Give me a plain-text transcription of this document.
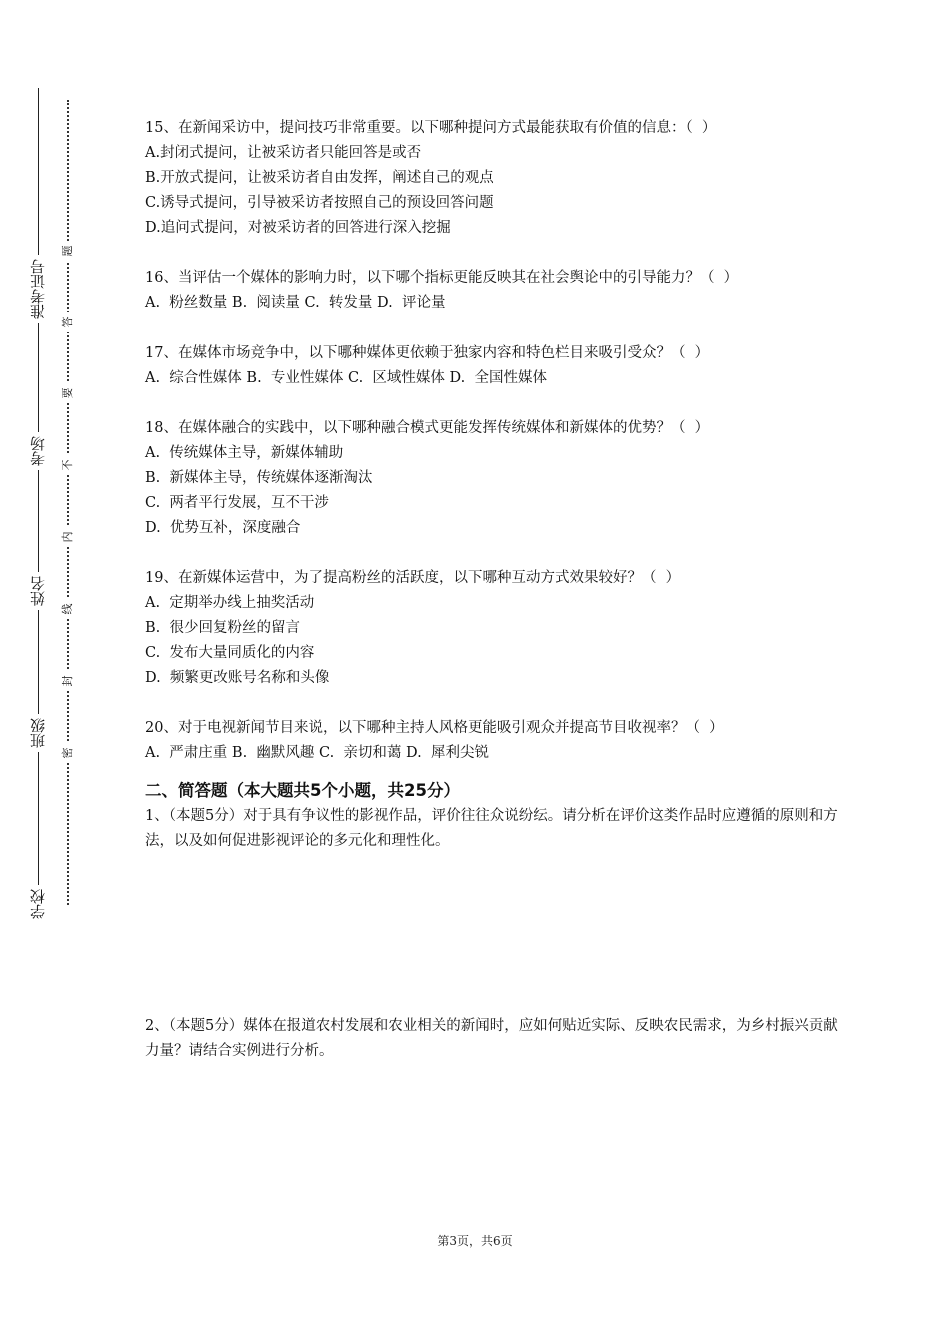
准考证号
考场
姓名
班级
学校
题
答
要
不
内
线
封
密

15、在新闻采访中，提问技巧非常重要。以下哪种提问方式最能获取有价值的信息：（  ）

A.封闭式提问，让被采访者只能回答是或否

B.开放式提问，让被采访者自由发挥，阐述自己的观点

C.诱导式提问，引导被采访者按照自己的预设回答问题

D.追问式提问，对被采访者的回答进行深入挖掘

16、当评估一个媒体的影响力时，以下哪个指标更能反映其在社会舆论中的引导能力？（  ）

A.  粉丝数量 B.  阅读量 C.  转发量 D.  评论量

17、在媒体市场竞争中，以下哪种媒体更依赖于独家内容和特色栏目来吸引受众？（  ）

A.  综合性媒体 B.  专业性媒体 C.  区域性媒体 D.  全国性媒体

18、在媒体融合的实践中，以下哪种融合模式更能发挥传统媒体和新媒体的优势？（  ）

A.  传统媒体主导，新媒体辅助

B.  新媒体主导，传统媒体逐渐淘汰

C.  两者平行发展，互不干涉

D.  优势互补，深度融合

19、在新媒体运营中，为了提高粉丝的活跃度，以下哪种互动方式效果较好？（  ）

A.  定期举办线上抽奖活动

B.  很少回复粉丝的留言

C.  发布大量同质化的内容

D.  频繁更改账号名称和头像

20、对于电视新闻节目来说，以下哪种主持人风格更能吸引观众并提高节目收视率？（  ）

A.  严肃庄重 B.  幽默风趣 C.  亲切和蔼 D.  犀利尖锐

二、简答题（本大题共5个小题，共25分）
1、（本题5分）对于具有争议性的影视作品，评价往往众说纷纭。请分析在评价这类作品时应遵循的原则和方法，以及如何促进影视评论的多元化和理性化。
2、（本题5分）媒体在报道农村发展和农业相关的新闻时，应如何贴近实际、反映农民需求，为乡村振兴贡献力量？请结合实例进行分析。
第3页，共6页
